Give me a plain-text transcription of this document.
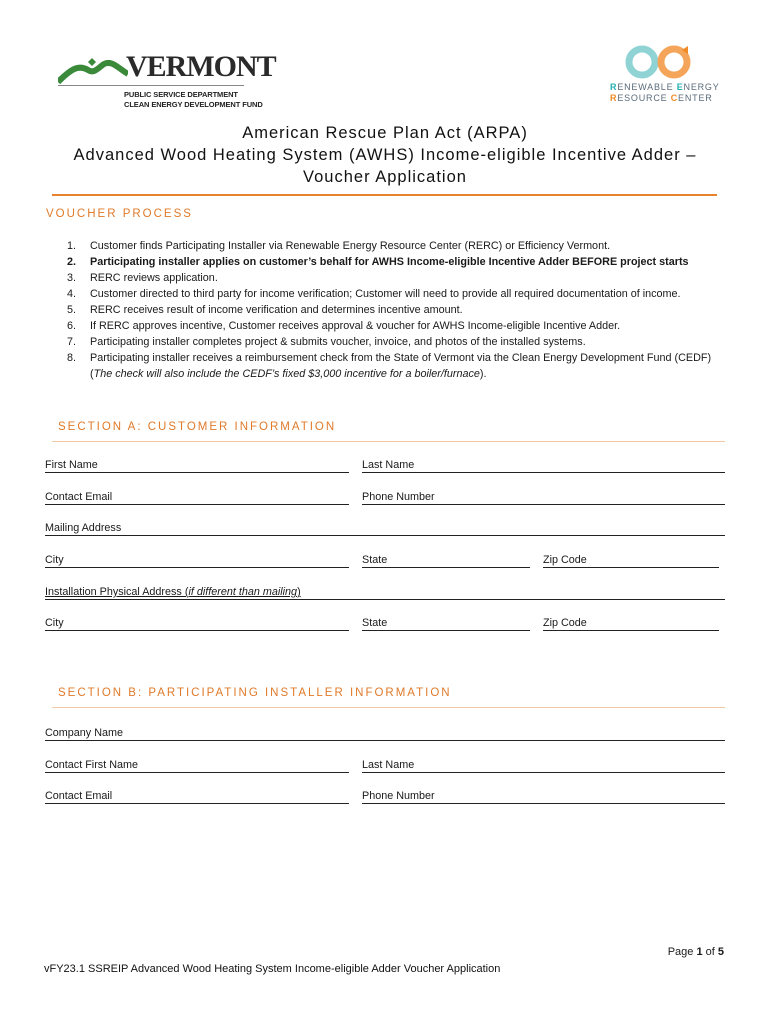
VERMONT
PUBLIC SERVICE DEPARTMENT
CLEAN ENERGY DEVELOPMENT FUND
RENEWABLE ENERGY
RESOURCE CENTER
American Rescue Plan Act (ARPA)
Advanced Wood Heating System (AWHS) Income-eligible Incentive Adder –
Voucher Application
VOUCHER PROCESS
1. Customer finds Participating Installer via Renewable Energy Resource Center (RERC) or Efficiency Vermont.
2. Participating installer applies on customer’s behalf for AWHS Income-eligible Incentive Adder BEFORE project starts
3. RERC reviews application.
4. Customer directed to third party for income verification; Customer will need to provide all required documentation of income.
5. RERC receives result of income verification and determines incentive amount.
6. If RERC approves incentive, Customer receives approval & voucher for AWHS Income-eligible Incentive Adder.
7. Participating installer completes project & submits voucher, invoice, and photos of the installed systems.
8. Participating installer receives a reimbursement check from the State of Vermont via the Clean Energy Development Fund (CEDF) (The check will also include the CEDF’s fixed $3,000 incentive for a boiler/furnace).
SECTION A: CUSTOMER INFORMATION
First Name	Last Name
Contact Email	Phone Number
Mailing Address
City	State	Zip Code
Installation Physical Address (if different than mailing)
City	State	Zip Code
SECTION B: PARTICIPATING INSTALLER INFORMATION
Company Name
Contact First Name	Last Name
Contact Email	Phone Number
Page 1 of 5
vFY23.1 SSREIP Advanced Wood Heating System Income-eligible Adder Voucher Application
